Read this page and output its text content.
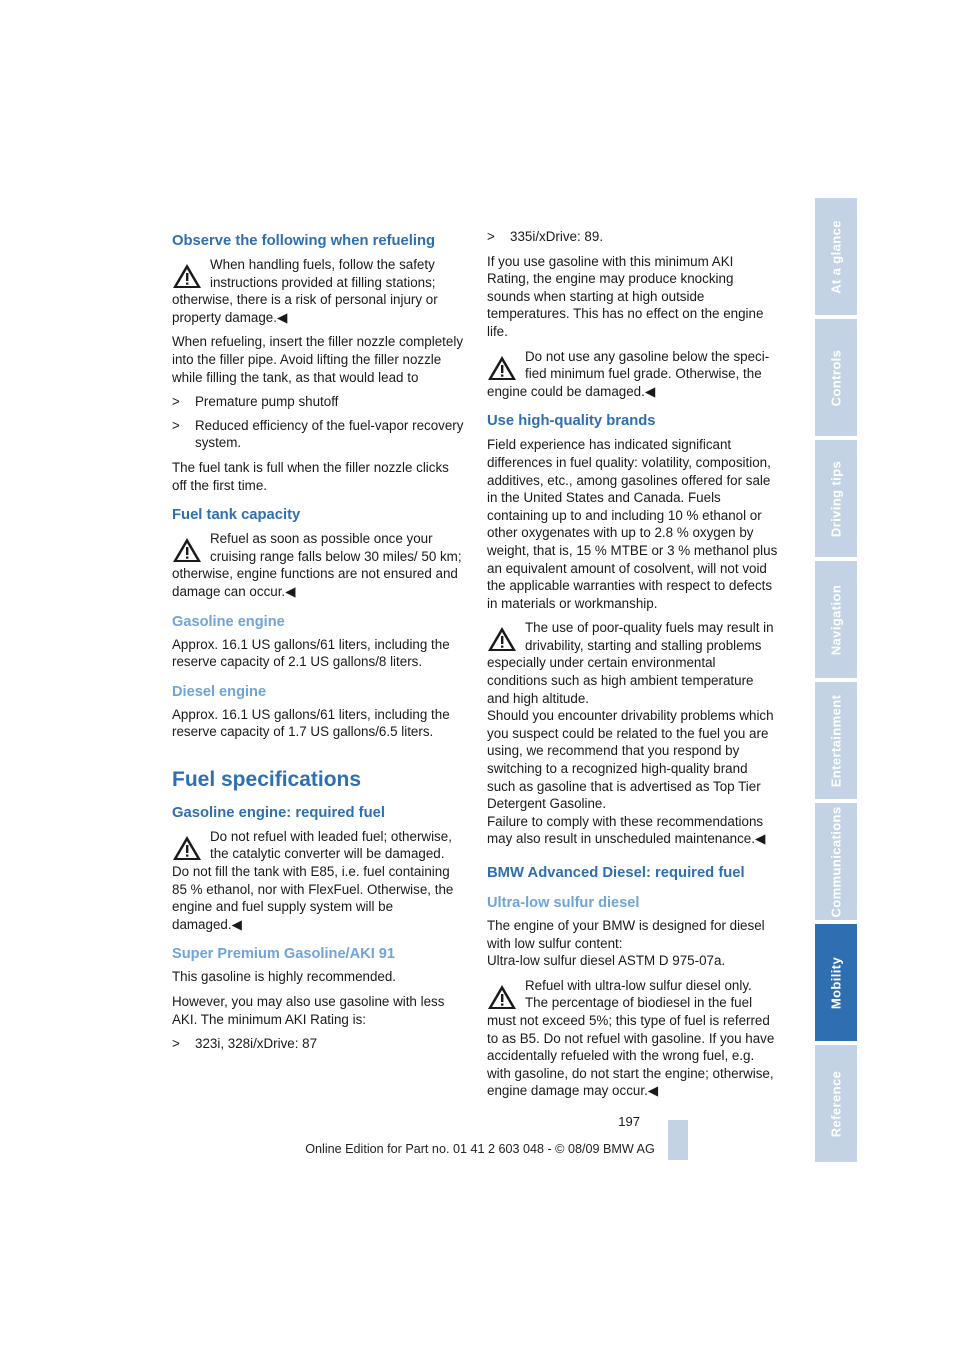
At a glance
Controls
Driving tips
Navigation
Entertainment
Communications
Mobility
Reference
Observe the following when refueling
When handling fuels, follow the safety
instructions provided at filling stations; otherwise, there is a risk of personal injury or property damage.◀

When refueling, insert the filler nozzle completely into the filler pipe. Avoid lifting the filler nozzle while filling the tank, as that would lead to

> Premature pump shutoff
> Reduced efficiency of the fuel-vapor recovery system.

The fuel tank is full when the filler nozzle clicks off the first time.

Fuel tank capacity
Refuel as soon as possible once your
cruising range falls below 30 miles/ 50 km; otherwise, engine functions are not ensured and damage can occur.◀
Gasoline engine

Approx. 16.1 US gallons/61 liters, including the reserve capacity of 2.1 US gallons/8 liters.

Diesel engine

Approx. 16.1 US gallons/61 liters, including the reserve capacity of 1.7 US gallons/6.5 liters.

Fuel specifications
Gasoline engine: required fuel
Do not refuel with leaded fuel; otherwise,
the catalytic converter will be damaged. Do not fill the tank with E85, i.e. fuel containing 85 % ethanol, nor with FlexFuel. Otherwise, the engine and fuel supply system will be damaged.◀
Super Premium Gasoline/AKI 91

This gasoline is highly recommended.

However, you may also use gasoline with less AKI. The minimum AKI Rating is:

> 323i, 328i/xDrive: 87
> 335i/xDrive: 89.

If you use gasoline with this minimum AKI Rating, the engine may produce knocking sounds when starting at high outside temperatures. This has no effect on the engine life.

Do not use any gasoline below the speci-
fied minimum fuel grade. Otherwise, the engine could be damaged.◀
Use high-quality brands

Field experience has indicated significant differences in fuel quality: volatility, composition, additives, etc., among gasolines offered for sale in the United States and Canada. Fuels containing up to and including 10 % ethanol or other oxygenates with up to 2.8 % oxygen by weight, that is, 15 % MTBE or 3 % methanol plus an equivalent amount of cosolvent, will not void the applicable warranties with respect to defects in materials or workmanship.

The use of poor-quality fuels may result in
drivability, starting and stalling problems especially under certain environmental conditions such as high ambient temperature and high altitude.
Should you encounter drivability problems which you suspect could be related to the fuel you are using, we recommend that you respond by switching to a recognized high-quality brand such as gasoline that is advertised as Top Tier Detergent Gasoline.
Failure to comply with these recommendations may also result in unscheduled maintenance.◀
BMW Advanced Diesel: required fuel
Ultra-low sulfur diesel

The engine of your BMW is designed for diesel with low sulfur content:

Ultra-low sulfur diesel ASTM D 975-07a.

Refuel with ultra-low sulfur diesel only.
The percentage of biodiesel in the fuel must not exceed 5%; this type of fuel is referred to as B5. Do not refuel with gasoline. If you have accidentally refueled with the wrong fuel, e.g. with gasoline, do not start the engine; otherwise, engine damage may occur.◀
197
Online Edition for Part no. 01 41 2 603 048 - © 08/09 BMW AG
